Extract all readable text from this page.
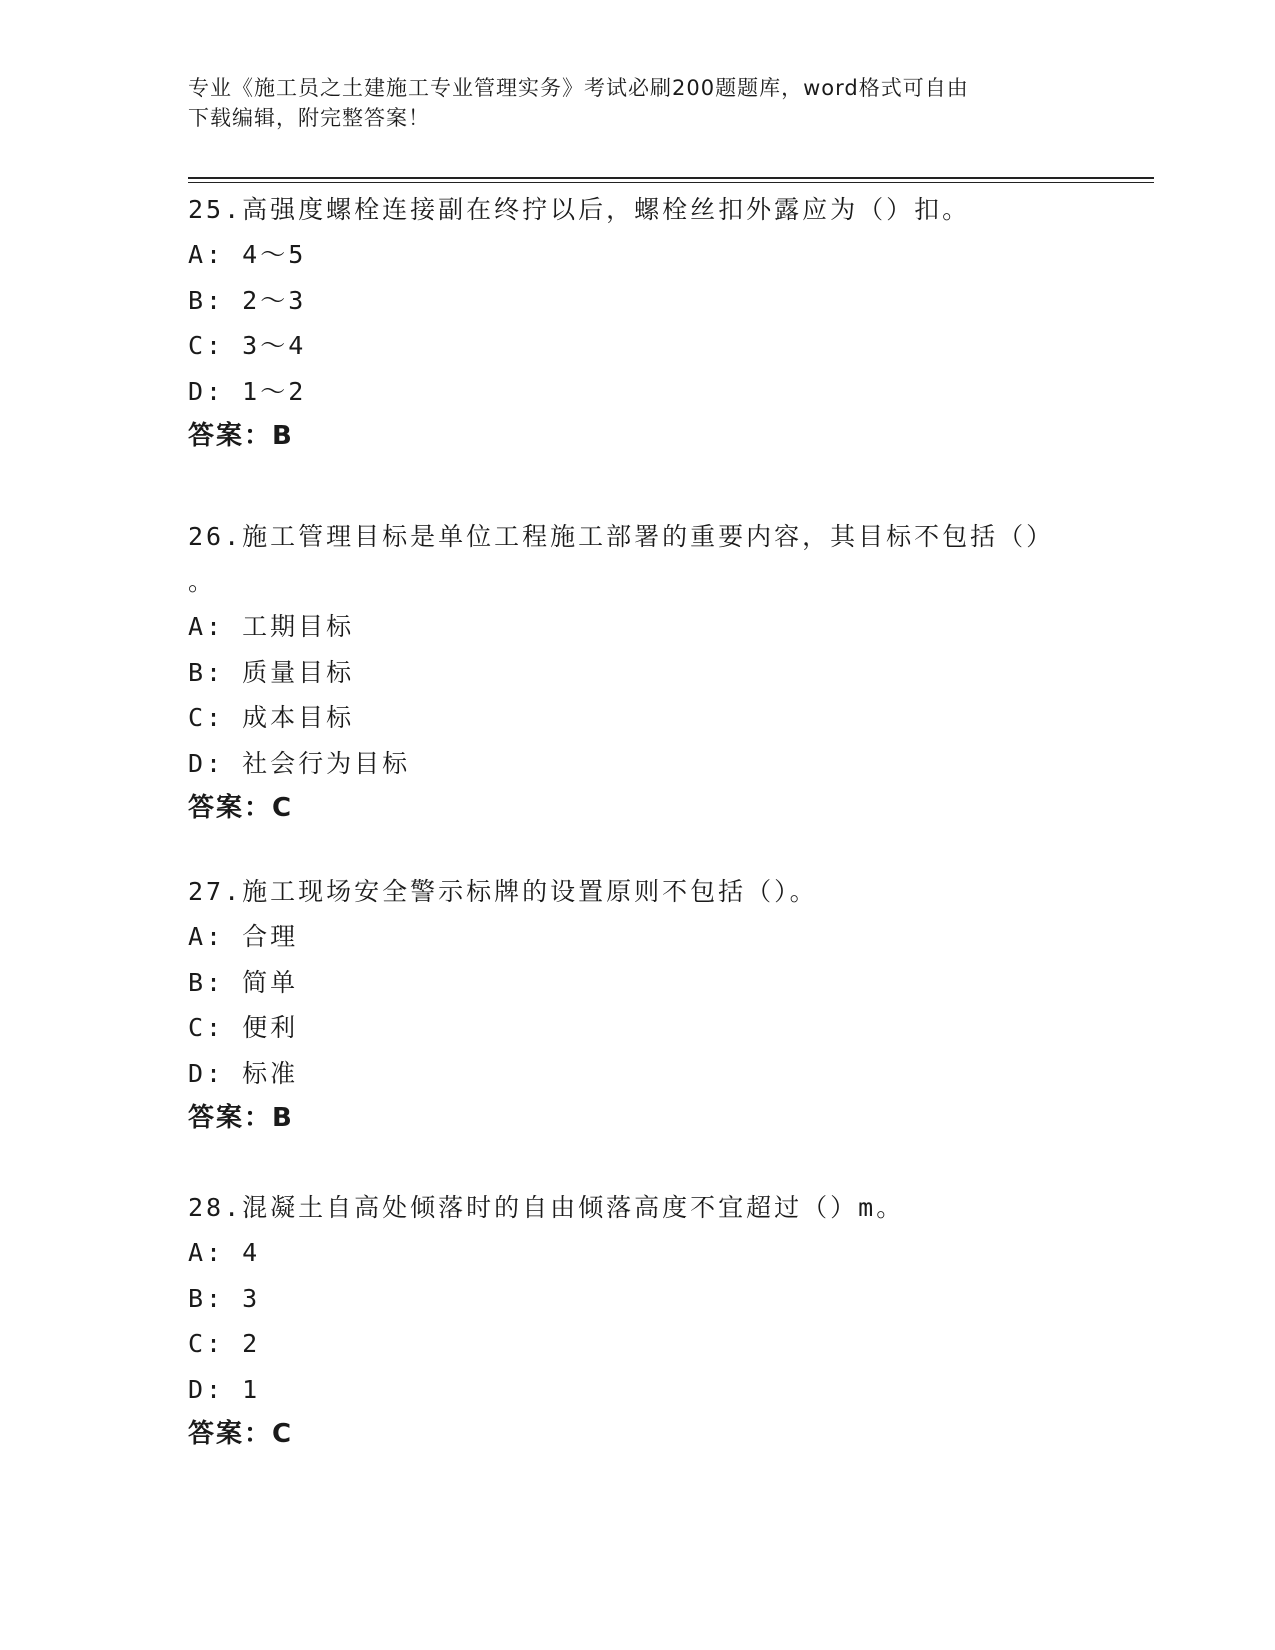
专业《施工员之土建施工专业管理实务》考试必刷200题题库，word格式可自由
下载编辑，附完整答案！
25.高强度螺栓连接副在终拧以后，螺栓丝扣外露应为（）扣。
A: 4～5
B: 2～3
C: 3～4
D: 1～2
答案：B
26.施工管理目标是单位工程施工部署的重要内容，其目标不包括（）
。
A: 工期目标
B: 质量目标
C: 成本目标
D: 社会行为目标
答案：C
27.施工现场安全警示标牌的设置原则不包括（）。
A: 合理
B: 简单
C: 便利
D: 标准
答案：B
28.混凝土自高处倾落时的自由倾落高度不宜超过（）m。
A: 4
B: 3
C: 2
D: 1
答案：C
